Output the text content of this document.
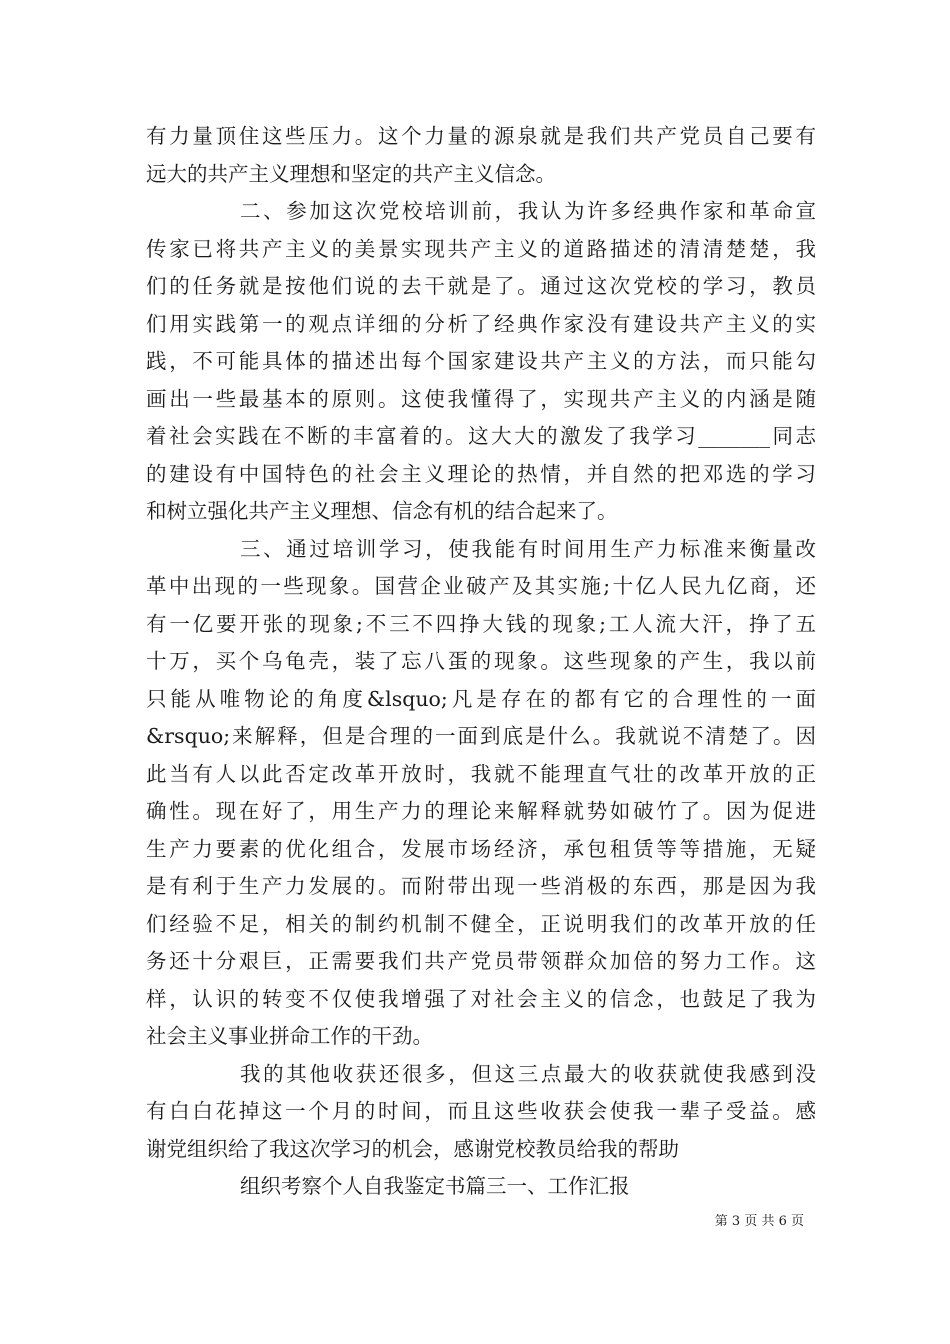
有力量顶住这些压力。这个力量的源泉就是我们共产党员自己要有
远大的共产主义理想和坚定的共产主义信念。
二、参加这次党校培训前，我认为许多经典作家和革命宣
传家已将共产主义的美景实现共产主义的道路描述的清清楚楚，我
们的任务就是按他们说的去干就是了。通过这次党校的学习，教员
们用实践第一的观点详细的分析了经典作家没有建设共产主义的实
践，不可能具体的描述出每个国家建设共产主义的方法，而只能勾
画出一些最基本的原则。这使我懂得了，实现共产主义的内涵是随
着社会实践在不断的丰富着的。这大大的激发了我学习_______同志
的建设有中国特色的社会主义理论的热情，并自然的把邓选的学习
和树立强化共产主义理想、信念有机的结合起来了。
三、通过培训学习，使我能有时间用生产力标准来衡量改
革中出现的一些现象。国营企业破产及其实施;十亿人民九亿商，还
有一亿要开张的现象;不三不四挣大钱的现象;工人流大汗，挣了五
十万，买个乌龟壳，装了忘八蛋的现象。这些现象的产生，我以前
只能从唯物论的角度&lsquo;凡是存在的都有它的合理性的一面
&rsquo;来解释，但是合理的一面到底是什么。我就说不清楚了。因
此当有人以此否定改革开放时，我就不能理直气壮的改革开放的正
确性。现在好了，用生产力的理论来解释就势如破竹了。因为促进
生产力要素的优化组合，发展市场经济，承包租赁等等措施，无疑
是有利于生产力发展的。而附带出现一些消极的东西，那是因为我
们经验不足，相关的制约机制不健全，正说明我们的改革开放的任
务还十分艰巨，正需要我们共产党员带领群众加倍的努力工作。这
样，认识的转变不仅使我增强了对社会主义的信念，也鼓足了我为
社会主义事业拼命工作的干劲。
我的其他收获还很多，但这三点最大的收获就使我感到没
有白白花掉这一个月的时间，而且这些收获会使我一辈子受益。感
谢党组织给了我这次学习的机会，感谢党校教员给我的帮助
组织考察个人自我鉴定书篇三一、工作汇报
第 3 页 共 6 页
